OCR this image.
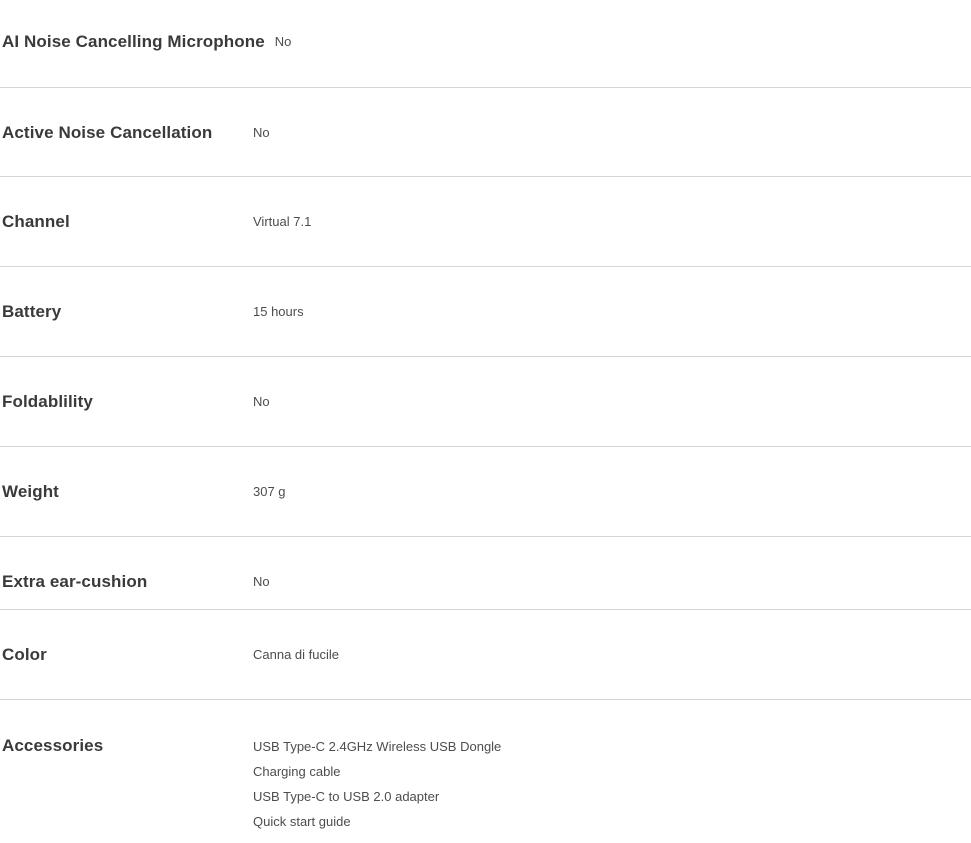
AI Noise Cancelling Microphone No
Active Noise Cancellation	No
Channel	Virtual 7.1
Battery	15 hours
Foldablility	No
Weight	307 g
Extra ear-cushion	No
Color	Canna di fucile
Accessories	USB Type-C 2.4GHz Wireless USB Dongle
Charging cable
USB Type-C to USB 2.0 adapter
Quick start guide
